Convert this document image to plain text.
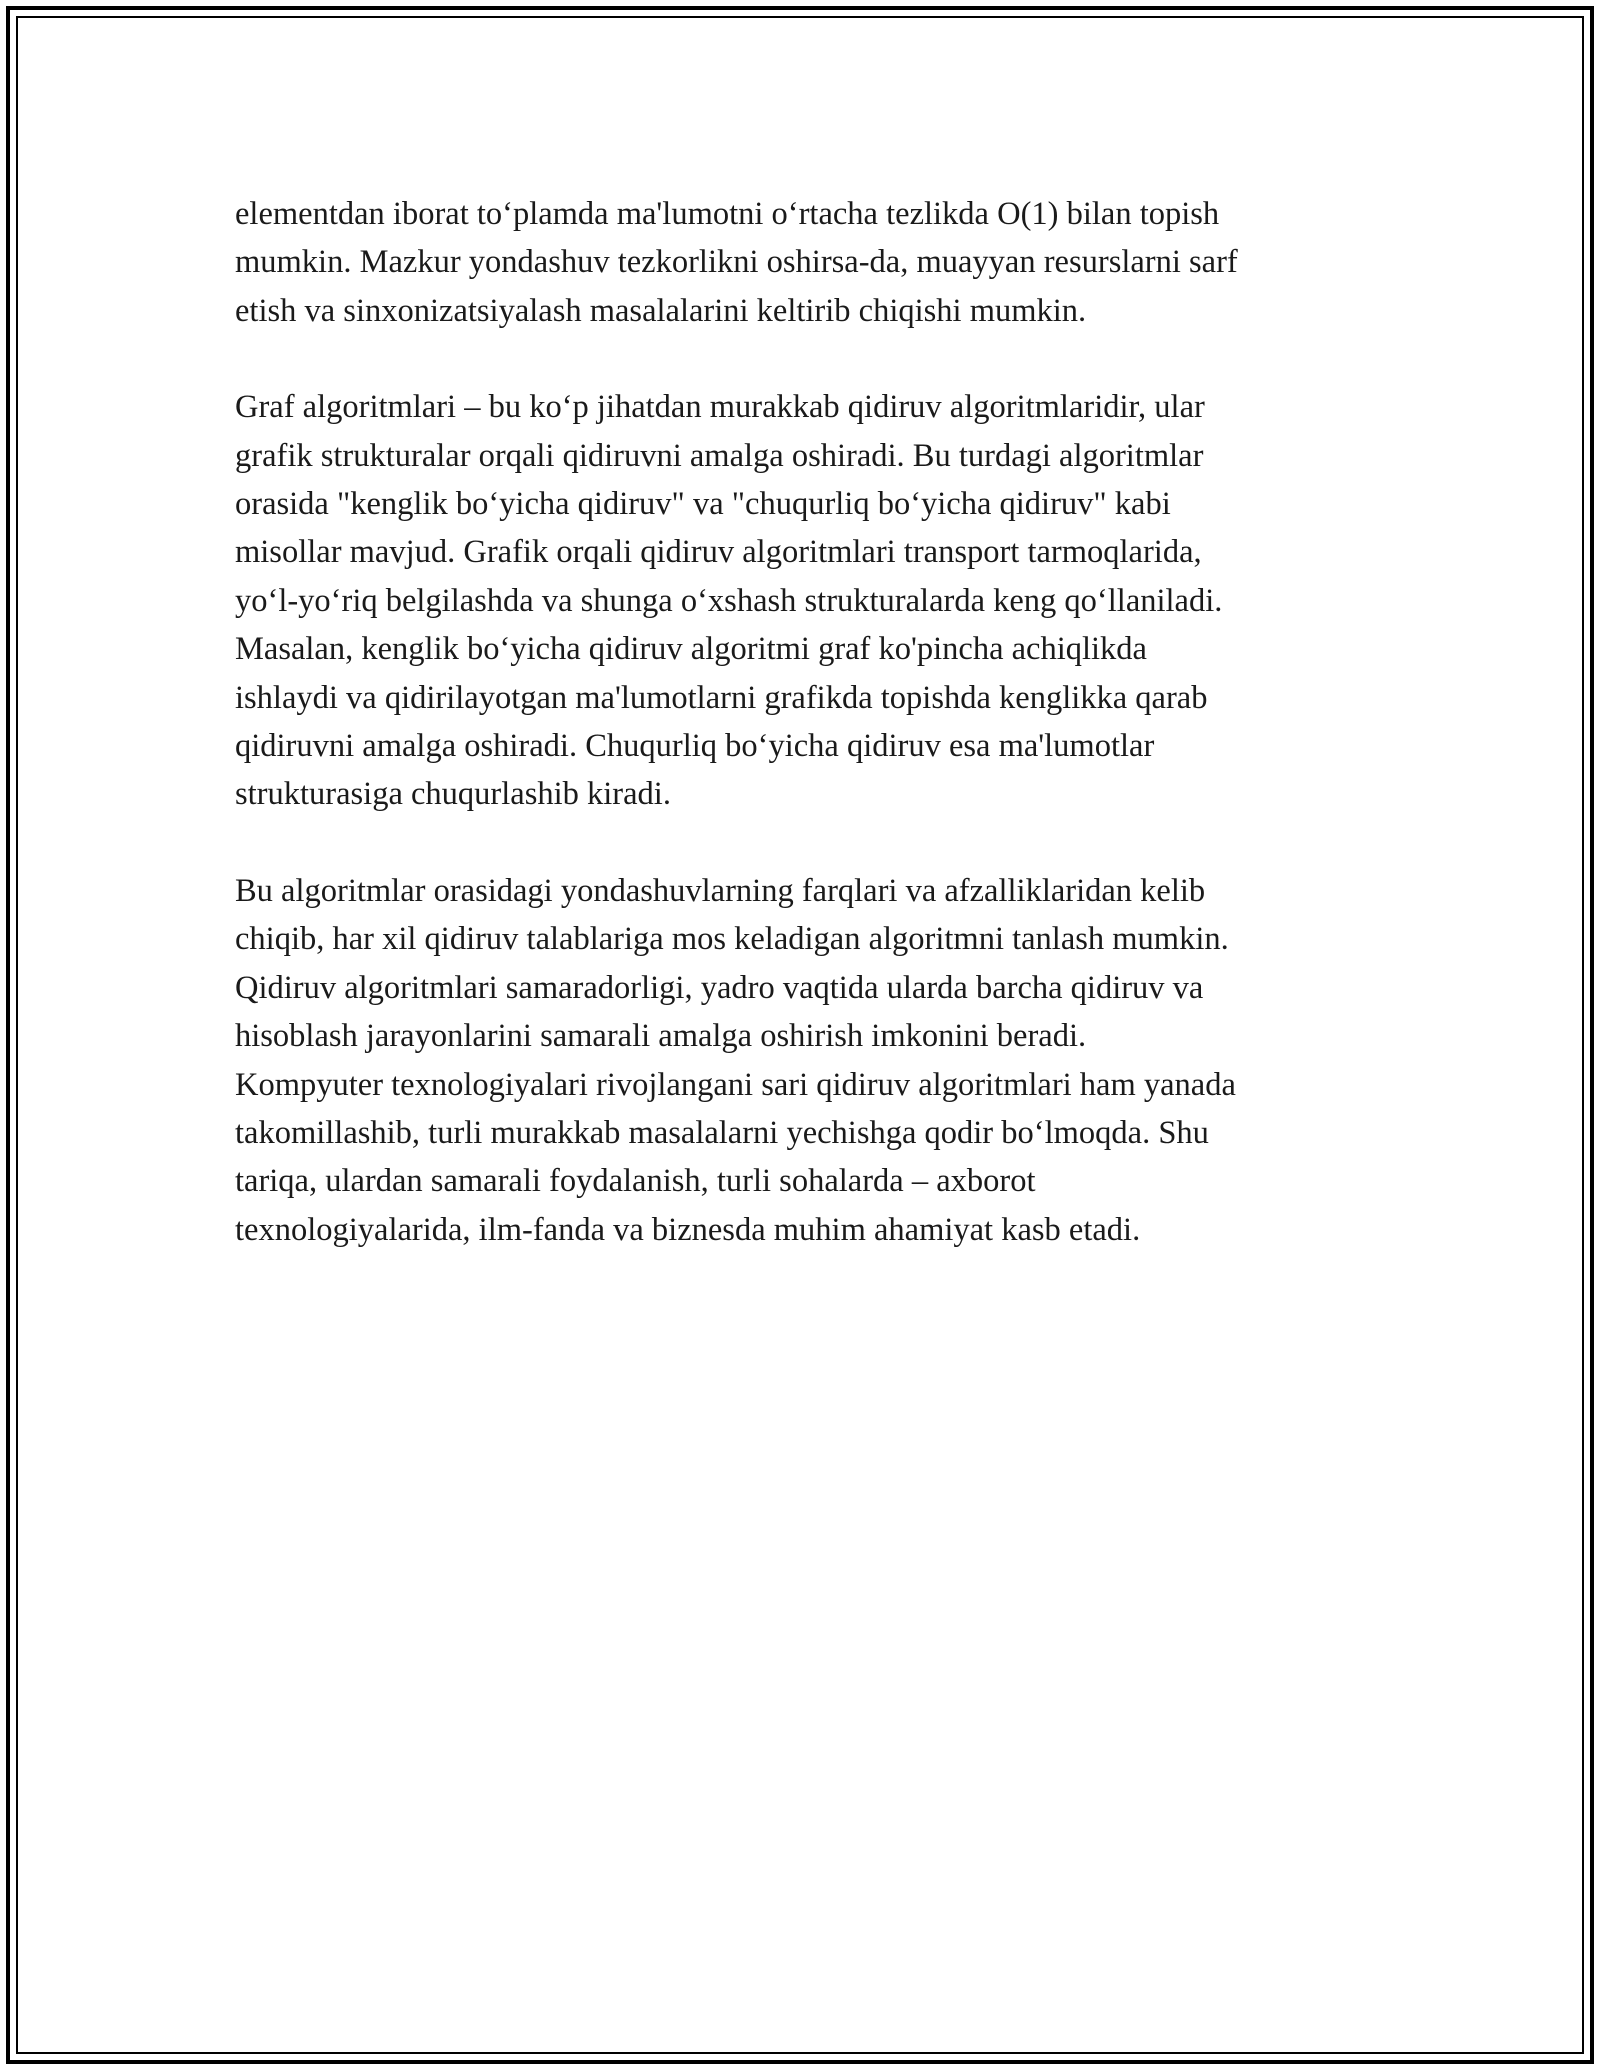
elementdan iborat to‘plamda ma'lumotni o‘rtacha tezlikda O(1) bilan topish
mumkin. Mazkur yondashuv tezkorlikni oshirsa-da, muayyan resurslarni sarf
etish va sinxonizatsiyalash masalalarini keltirib chiqishi mumkin.

Graf algoritmlari – bu ko‘p jihatdan murakkab qidiruv algoritmlaridir, ular
grafik strukturalar orqali qidiruvni amalga oshiradi. Bu turdagi algoritmlar
orasida "kenglik bo‘yicha qidiruv" va "chuqurliq bo‘yicha qidiruv" kabi
misollar mavjud. Grafik orqali qidiruv algoritmlari transport tarmoqlarida,
yo‘l-yo‘riq belgilashda va shunga o‘xshash strukturalarda keng qo‘llaniladi.
Masalan, kenglik bo‘yicha qidiruv algoritmi graf ko'pincha achiqlikda
ishlaydi va qidirilayotgan ma'lumotlarni grafikda topishda kenglikka qarab
qidiruvni amalga oshiradi. Chuqurliq bo‘yicha qidiruv esa ma'lumotlar
strukturasiga chuqurlashib kiradi.

Bu algoritmlar orasidagi yondashuvlarning farqlari va afzalliklaridan kelib
chiqib, har xil qidiruv talablariga mos keladigan algoritmni tanlash mumkin.
Qidiruv algoritmlari samaradorligi, yadro vaqtida ularda barcha qidiruv va
hisoblash jarayonlarini samarali amalga oshirish imkonini beradi.
Kompyuter texnologiyalari rivojlangani sari qidiruv algoritmlari ham yanada
takomillashib, turli murakkab masalalarni yechishga qodir bo‘lmoqda. Shu
tariqa, ulardan samarali foydalanish, turli sohalarda – axborot
texnologiyalarida, ilm-fanda va biznesda muhim ahamiyat kasb etadi.
